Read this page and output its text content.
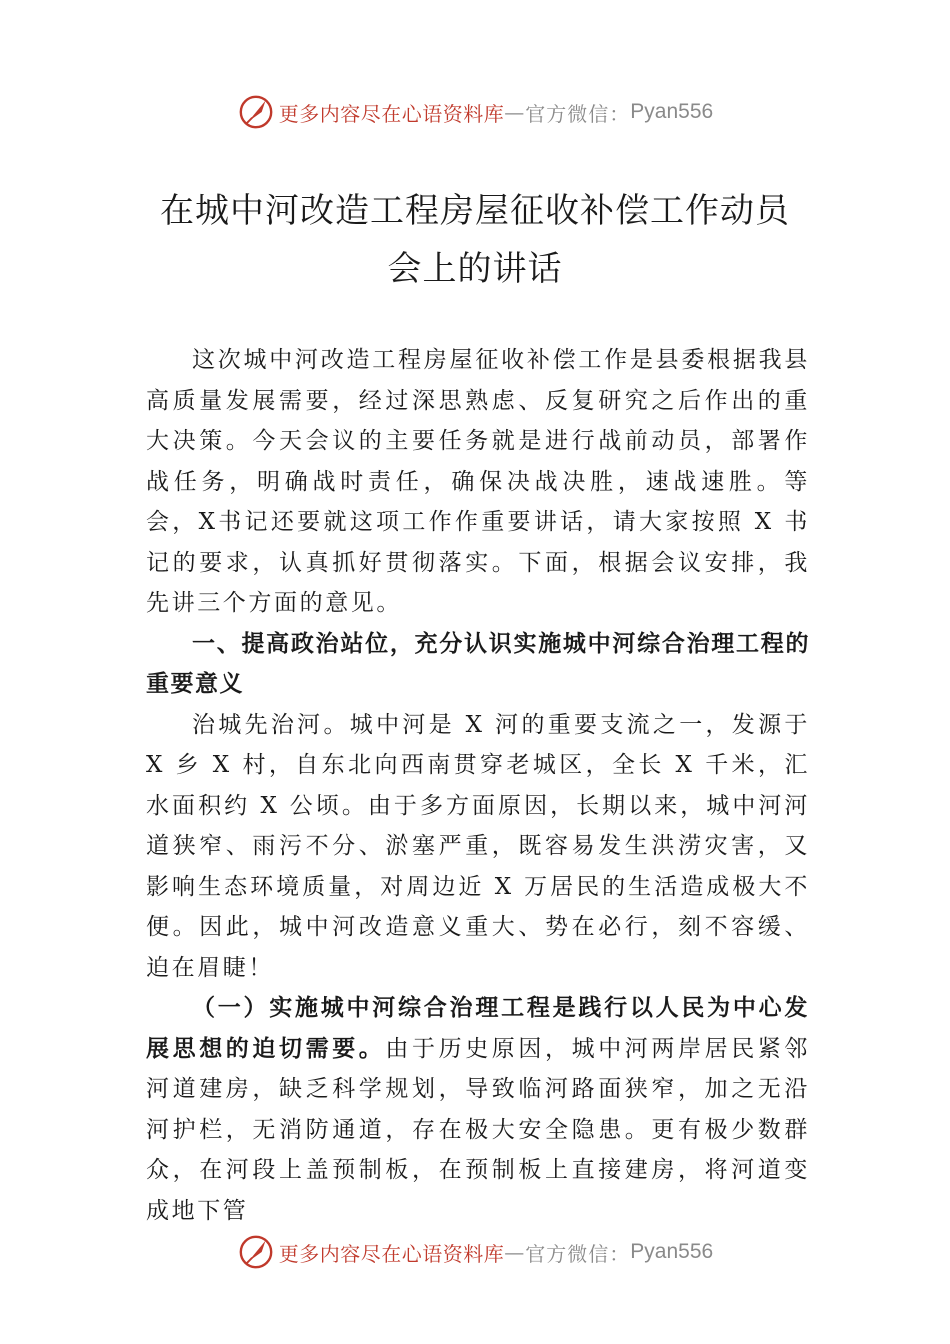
更多内容尽在心语资料库 — 官方微信： Pyan556
在城中河改造工程房屋征收补偿工作动员
会上的讲话

这次城中河改造工程房屋征收补偿工作是县委根据我县高质量发展需要，经过深思熟虑、反复研究之后作出的重大决策。今天会议的主要任务就是进行战前动员，部署作战任务，明确战时责任，确保决战决胜，速战速胜。等会，X书记还要就这项工作作重要讲话，请大家按照 X 书记的要求，认真抓好贯彻落实。下面，根据会议安排，我先讲三个方面的意见。

一、提高政治站位，充分认识实施城中河综合治理工程的重要意义

治城先治河。城中河是 X 河的重要支流之一，发源于 X 乡 X 村，自东北向西南贯穿老城区，全长 X 千米，汇水面积约 X 公顷。由于多方面原因，长期以来，城中河河道狭窄、雨污不分、淤塞严重，既容易发生洪涝灾害，又影响生态环境质量，对周边近 X 万居民的生活造成极大不便。因此，城中河改造意义重大、势在必行，刻不容缓、迫在眉睫！

（一）实施城中河综合治理工程是践行以人民为中心发展思想的迫切需要。由于历史原因，城中河两岸居民紧邻河道建房，缺乏科学规划，导致临河路面狭窄，加之无沿河护栏，无消防通道，存在极大安全隐患。更有极少数群众，在河段上盖预制板，在预制板上直接建房，将河道变成地下管

更多内容尽在心语资料库 — 官方微信： Pyan556
